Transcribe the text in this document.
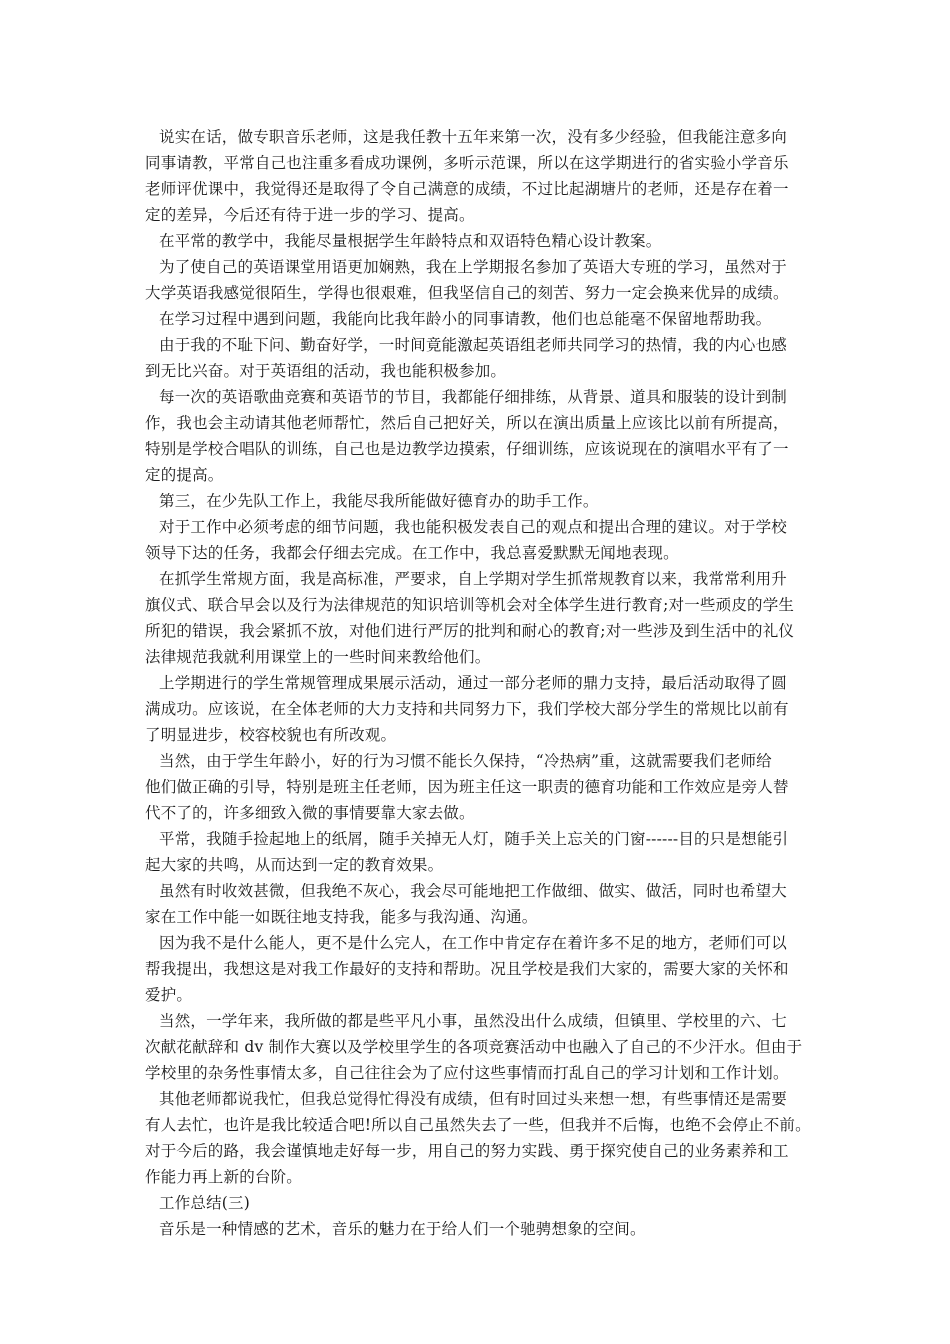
说实在话，做专职音乐老师，这是我任教十五年来第一次，没有多少经验，但我能注意多向
同事请教，平常自己也注重多看成功课例，多听示范课，所以在这学期进行的省实验小学音乐
老师评优课中，我觉得还是取得了令自己满意的成绩，不过比起湖塘片的老师，还是存在着一
定的差异，今后还有待于进一步的学习、提高。

在平常的教学中，我能尽量根据学生年龄特点和双语特色精心设计教案。

为了使自己的英语课堂用语更加娴熟，我在上学期报名参加了英语大专班的学习，虽然对于
大学英语我感觉很陌生，学得也很艰难，但我坚信自己的刻苦、努力一定会换来优异的成绩。

在学习过程中遇到问题，我能向比我年龄小的同事请教，他们也总能毫不保留地帮助我。

由于我的不耻下问、勤奋好学，一时间竟能激起英语组老师共同学习的热情，我的内心也感
到无比兴奋。对于英语组的活动，我也能积极参加。

每一次的英语歌曲竞赛和英语节的节目，我都能仔细排练，从背景、道具和服装的设计到制
作，我也会主动请其他老师帮忙，然后自己把好关，所以在演出质量上应该比以前有所提高，
特别是学校合唱队的训练，自己也是边教学边摸索，仔细训练，应该说现在的演唱水平有了一
定的提高。

第三，在少先队工作上，我能尽我所能做好德育办的助手工作。

对于工作中必须考虑的细节问题，我也能积极发表自己的观点和提出合理的建议。对于学校
领导下达的任务，我都会仔细去完成。在工作中，我总喜爱默默无闻地表现。

在抓学生常规方面，我是高标准，严要求，自上学期对学生抓常规教育以来，我常常利用升
旗仪式、联合早会以及行为法律规范的知识培训等机会对全体学生进行教育;对一些顽皮的学生
所犯的错误，我会紧抓不放，对他们进行严厉的批判和耐心的教育;对一些涉及到生活中的礼仪
法律规范我就利用课堂上的一些时间来教给他们。

上学期进行的学生常规管理成果展示活动，通过一部分老师的鼎力支持，最后活动取得了圆
满成功。应该说，在全体老师的大力支持和共同努力下，我们学校大部分学生的常规比以前有
了明显进步，校容校貌也有所改观。

当然，由于学生年龄小，好的行为习惯不能长久保持，“冷热病”重，这就需要我们老师给
他们做正确的引导，特别是班主任老师，因为班主任这一职责的德育功能和工作效应是旁人替
代不了的，许多细致入微的事情要靠大家去做。

平常，我随手捡起地上的纸屑，随手关掉无人灯，随手关上忘关的门窗------目的只是想能引
起大家的共鸣，从而达到一定的教育效果。

虽然有时收效甚微，但我绝不灰心，我会尽可能地把工作做细、做实、做活，同时也希望大
家在工作中能一如既往地支持我，能多与我沟通、沟通。

因为我不是什么能人，更不是什么完人，在工作中肯定存在着许多不足的地方，老师们可以
帮我提出，我想这是对我工作最好的支持和帮助。况且学校是我们大家的，需要大家的关怀和
爱护。

当然，一学年来，我所做的都是些平凡小事，虽然没出什么成绩，但镇里、学校里的六、七
次献花献辞和 dv 制作大赛以及学校里学生的各项竞赛活动中也融入了自己的不少汗水。但由于
学校里的杂务性事情太多，自己往往会为了应付这些事情而打乱自己的学习计划和工作计划。

其他老师都说我忙，但我总觉得忙得没有成绩，但有时回过头来想一想，有些事情还是需要
有人去忙，也许是我比较适合吧!所以自己虽然失去了一些，但我并不后悔，也绝不会停止不前。
对于今后的路，我会谨慎地走好每一步，用自己的努力实践、勇于探究使自己的业务素养和工
作能力再上新的台阶。

工作总结(三)

音乐是一种情感的艺术，音乐的魅力在于给人们一个驰骋想象的空间。
